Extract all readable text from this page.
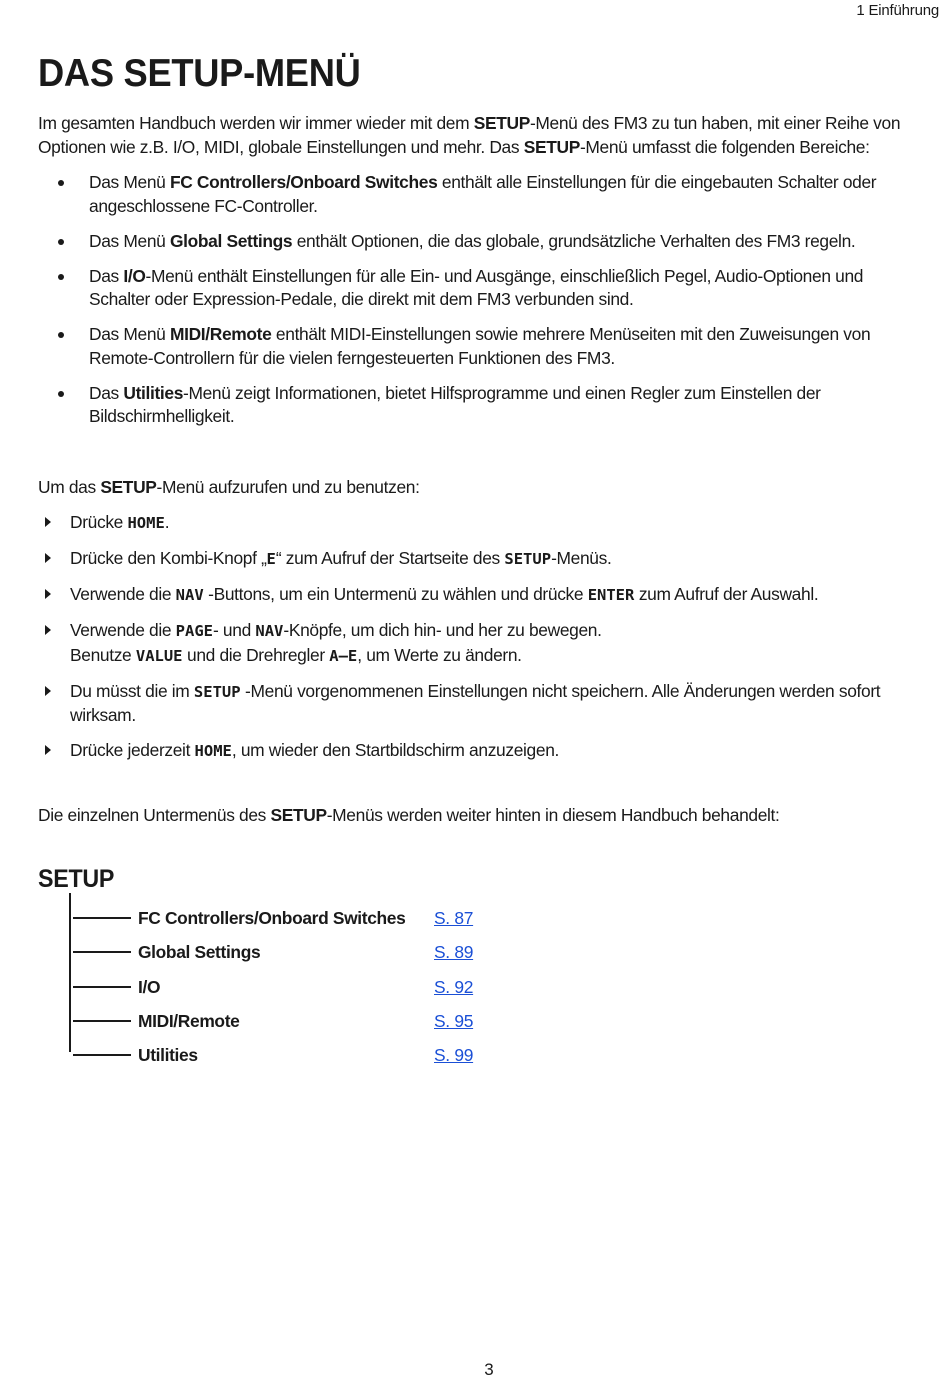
1 Einführung
DAS SETUP-MENÜ

Im gesamten Handbuch werden wir immer wieder mit dem SETUP-Menü des FM3 zu tun haben, mit einer Reihe von Optionen wie z.B. I/O, MIDI, globale Einstellungen und mehr. Das SETUP-Menü umfasst die folgenden Bereiche:

Das Menü FC Controllers/Onboard Switches enthält alle Einstellungen für die eingebauten Schalter oder angeschlossene FC-Controller.
Das Menü Global Settings enthält Optionen, die das globale, grundsätzliche Verhalten des FM3 regeln.
Das I/O-Menü enthält Einstellungen für alle Ein- und Ausgänge, einschließlich Pegel, Audio-Optionen und Schalter oder Expression-Pedale, die direkt mit dem FM3 verbunden sind.
Das Menü MIDI/Remote enthält MIDI-Einstellungen sowie mehrere Menüseiten mit den Zuweisungen von Remote-Controllern für die vielen ferngesteuerten Funktionen des FM3.
Das Utilities-Menü zeigt Informationen, bietet Hilfsprogramme und einen Regler zum Einstellen der Bildschirmhelligkeit.

Um das SETUP-Menü aufzurufen und zu benutzen:

Drücke HOME.
Drücke den Kombi-Knopf „E“ zum Aufruf der Startseite des SETUP-Menüs.
Verwende die NAV -Buttons, um ein Untermenü zu wählen und drücke ENTER zum Aufruf der Auswahl.
Verwende die PAGE- und NAV-Knöpfe, um dich hin- und her zu bewegen.
Benutze VALUE und die Drehregler A–E, um Werte zu ändern.
Du müsst die im SETUP -Menü vorgenommenen Einstellungen nicht speichern. Alle Änderungen werden sofort wirksam.
Drücke jederzeit HOME, um wieder den Startbildschirm anzuzeigen.

Die einzelnen Untermenüs des SETUP-Menüs werden weiter hinten in diesem Handbuch behandelt:

SETUP
FC Controllers/Onboard Switches S. 87
Global Settings	S. 89
I/O	S. 92
MIDI/Remote	S. 95
Utilities	S. 99
3
